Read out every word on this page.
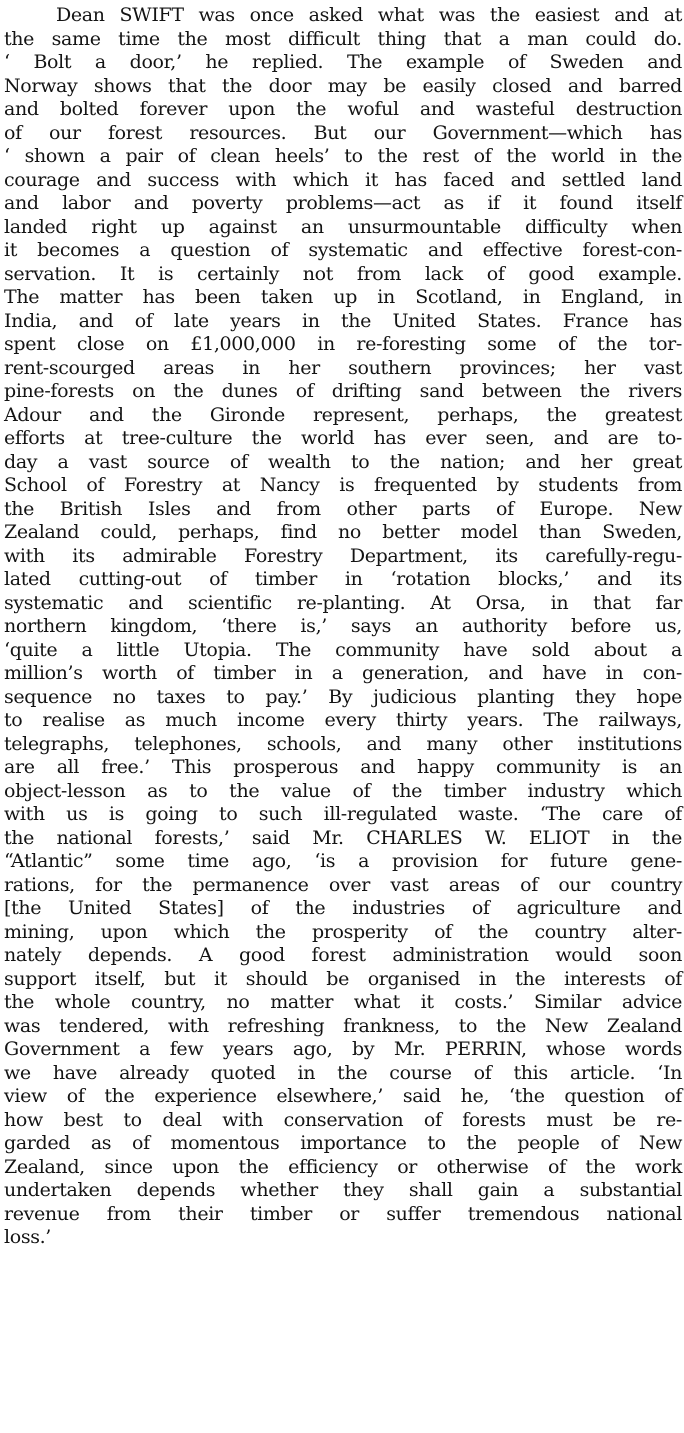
Dean SWIFT was once asked what was the easiest and at
the same time the most difficult thing that a man could do.
‘ Bolt a door,’ he replied. The example of Sweden and
Norway shows that the door may be easily closed and barred
and bolted forever upon the woful and wasteful destruction
of our forest resources. But our Government—which has
‘ shown a pair of clean heels’ to the rest of the world in the
courage and success with which it has faced and settled land
and labor and poverty problems—act as if it found itself
landed right up against an unsurmountable difficulty when
it becomes a question of systematic and effective forest-con-
servation. It is certainly not from lack of good example.
The matter has been taken up in Scotland, in England, in
India, and of late years in the United States. France has
spent close on £1,000,000 in re-foresting some of the tor-
rent-scourged areas in her southern provinces; her vast
pine-forests on the dunes of drifting sand between the rivers
Adour and the Gironde represent, perhaps, the greatest
efforts at tree-culture the world has ever seen, and are to-
day a vast source of wealth to the nation; and her great
School of Forestry at Nancy is frequented by students from
the British Isles and from other parts of Europe. New
Zealand could, perhaps, find no better model than Sweden,
with its admirable Forestry Department, its carefully-regu-
lated cutting-out of timber in ‘rotation blocks,’ and its
systematic and scientific re-planting. At Orsa, in that far
northern kingdom, ‘there is,’ says an authority before us,
‘quite a little Utopia. The community have sold about a
million’s worth of timber in a generation, and have in con-
sequence no taxes to pay.’ By judicious planting they hope
to realise as much income every thirty years. The railways,
telegraphs, telephones, schools, and many other institutions
are all free.’ This prosperous and happy community is an
object-lesson as to the value of the timber industry which
with us is going to such ill-regulated waste. ‘The care of
the national forests,’ said Mr. CHARLES W. ELIOT in the
“Atlantic” some time ago, ‘is a provision for future gene-
rations, for the permanence over vast areas of our country
[the United States] of the industries of agriculture and
mining, upon which the prosperity of the country alter-
nately depends. A good forest administration would soon
support itself, but it should be organised in the interests of
the whole country, no matter what it costs.’ Similar advice
was tendered, with refreshing frankness, to the New Zealand
Government a few years ago, by Mr. PERRIN, whose words
we have already quoted in the course of this article. ‘In
view of the experience elsewhere,’ said he, ‘the question of
how best to deal with conservation of forests must be re-
garded as of momentous importance to the people of New
Zealand, since upon the efficiency or otherwise of the work
undertaken depends whether they shall gain a substantial
revenue from their timber or suffer tremendous national
loss.’
